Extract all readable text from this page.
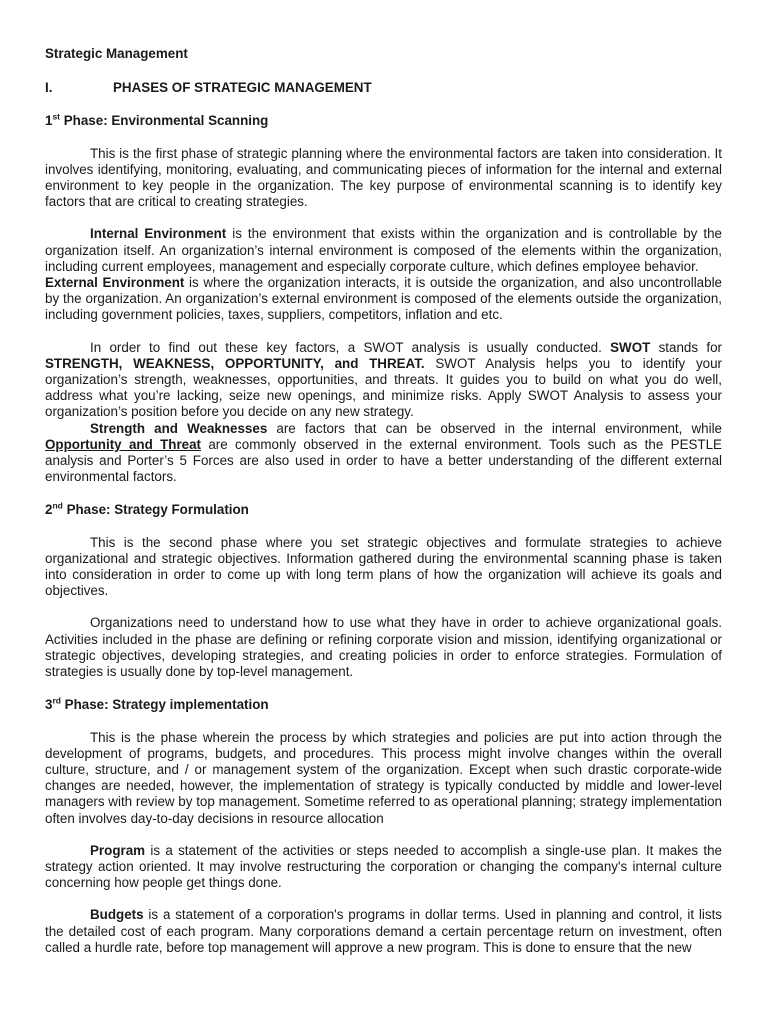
Strategic Management

I.	PHASES OF STRATEGIC MANAGEMENT
1st Phase: Environmental Scanning

This is the first phase of strategic planning where the environmental factors are taken into consideration. It involves identifying, monitoring, evaluating, and communicating pieces of information for the internal and external environment to key people in the organization. The key purpose of environmental scanning is to identify key factors that are critical to creating strategies.

Internal Environment is the environment that exists within the organization and is controllable by the organization itself. An organization’s internal environment is composed of the elements within the organization, including current employees, management and especially corporate culture, which defines employee behavior.

External Environment is where the organization interacts, it is outside the organization, and also uncontrollable by the organization. An organization’s external environment is composed of the elements outside the organization, including government policies, taxes, suppliers, competitors, inflation and etc.

In order to find out these key factors, a SWOT analysis is usually conducted. SWOT stands for STRENGTH, WEAKNESS, OPPORTUNITY, and THREAT. SWOT Analysis helps you to identify your organization’s strength, weaknesses, opportunities, and threats. It guides you to build on what you do well, address what you’re lacking, seize new openings, and minimize risks. Apply SWOT Analysis to assess your organization’s position before you decide on any new strategy.

Strength and Weaknesses are factors that can be observed in the internal environment, while Opportunity and Threat are commonly observed in the external environment. Tools such as the PESTLE analysis and Porter’s 5 Forces are also used in order to have a better understanding of the different external environmental factors.

2nd Phase: Strategy Formulation

This is the second phase where you set strategic objectives and formulate strategies to achieve organizational and strategic objectives. Information gathered during the environmental scanning phase is taken into consideration in order to come up with long term plans of how the organization will achieve its goals and objectives.

Organizations need to understand how to use what they have in order to achieve organizational goals. Activities included in the phase are defining or refining corporate vision and mission, identifying organizational or strategic objectives, developing strategies, and creating policies in order to enforce strategies. Formulation of strategies is usually done by top-level management.

3rd Phase: Strategy implementation

This is the phase wherein the process by which strategies and policies are put into action through the development of programs, budgets, and procedures. This process might involve changes within the overall culture, structure, and / or management system of the organization. Except when such drastic corporate-wide changes are needed, however, the implementation of strategy is typically conducted by middle and lower-level managers with review by top management. Sometime referred to as operational planning; strategy implementation often involves day-to-day decisions in resource allocation

Program is a statement of the activities or steps needed to accomplish a single-use plan. It makes the strategy action oriented. It may involve restructuring the corporation or changing the company's internal culture concerning how people get things done.

Budgets is a statement of a corporation's programs in dollar terms. Used in planning and control, it lists the detailed cost of each program. Many corporations demand a certain percentage return on investment, often called a hurdle rate, before top management will approve a new program. This is done to ensure that the new
